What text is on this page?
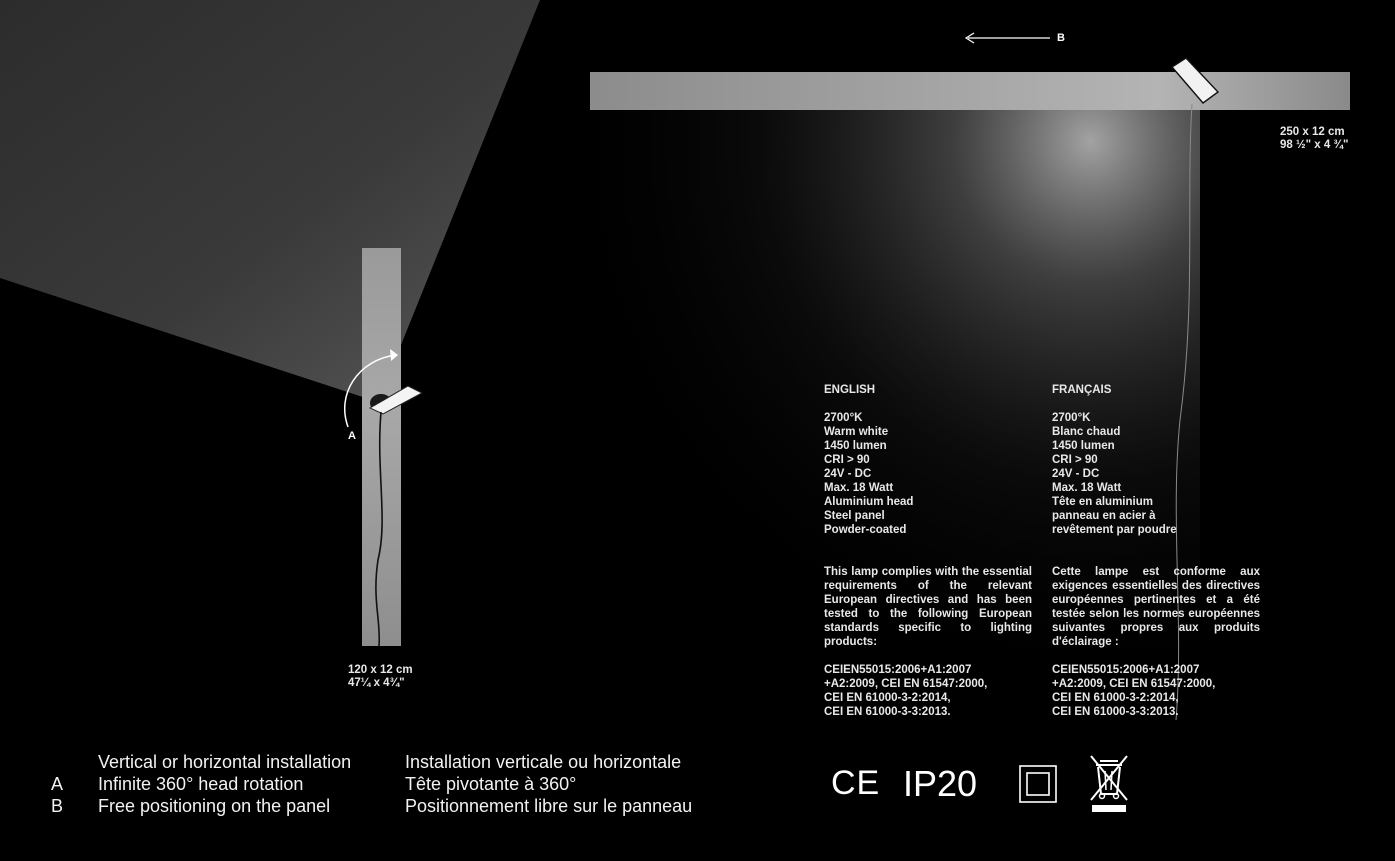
A
B
120 x 12 cm
47¼ x 4¾"
250 x 12 cm
98 ½" x 4 ¾"
ENGLISH
2700°K
Warm white
1450 lumen
CRI > 90
24V - DC
Max. 18 Watt
Aluminium head
Steel panel
Powder-coated
This lamp complies with the essential requirements of the relevant European directives and has been tested to the following European standards specific to lighting products:
CEIEN55015:2006+A1:2007
+A2:2009, CEI EN 61547:2000,
CEI EN 61000-3-2:2014,
CEI EN 61000-3-3:2013.
FRANÇAIS
2700°K
Blanc chaud
1450 lumen
CRI > 90
24V - DC
Max. 18 Watt
Tête en aluminium
panneau en acier à
revêtement par poudre
Cette lampe est conforme aux exigences essentielles des directives européennes pertinentes et a été testée selon les normes européennes suivantes propres aux produits d'éclairage :
CEIEN55015:2006+A1:2007
+A2:2009, CEI EN 61547:2000,
CEI EN 61000-3-2:2014,
CEI EN 61000-3-3:2013.

A
B
Vertical or horizontal installation
Infinite 360° head rotation
Free positioning on the panel
Installation verticale ou horizontale
Tête pivotante à 360°
Positionnement libre sur le panneau
CE IP20
